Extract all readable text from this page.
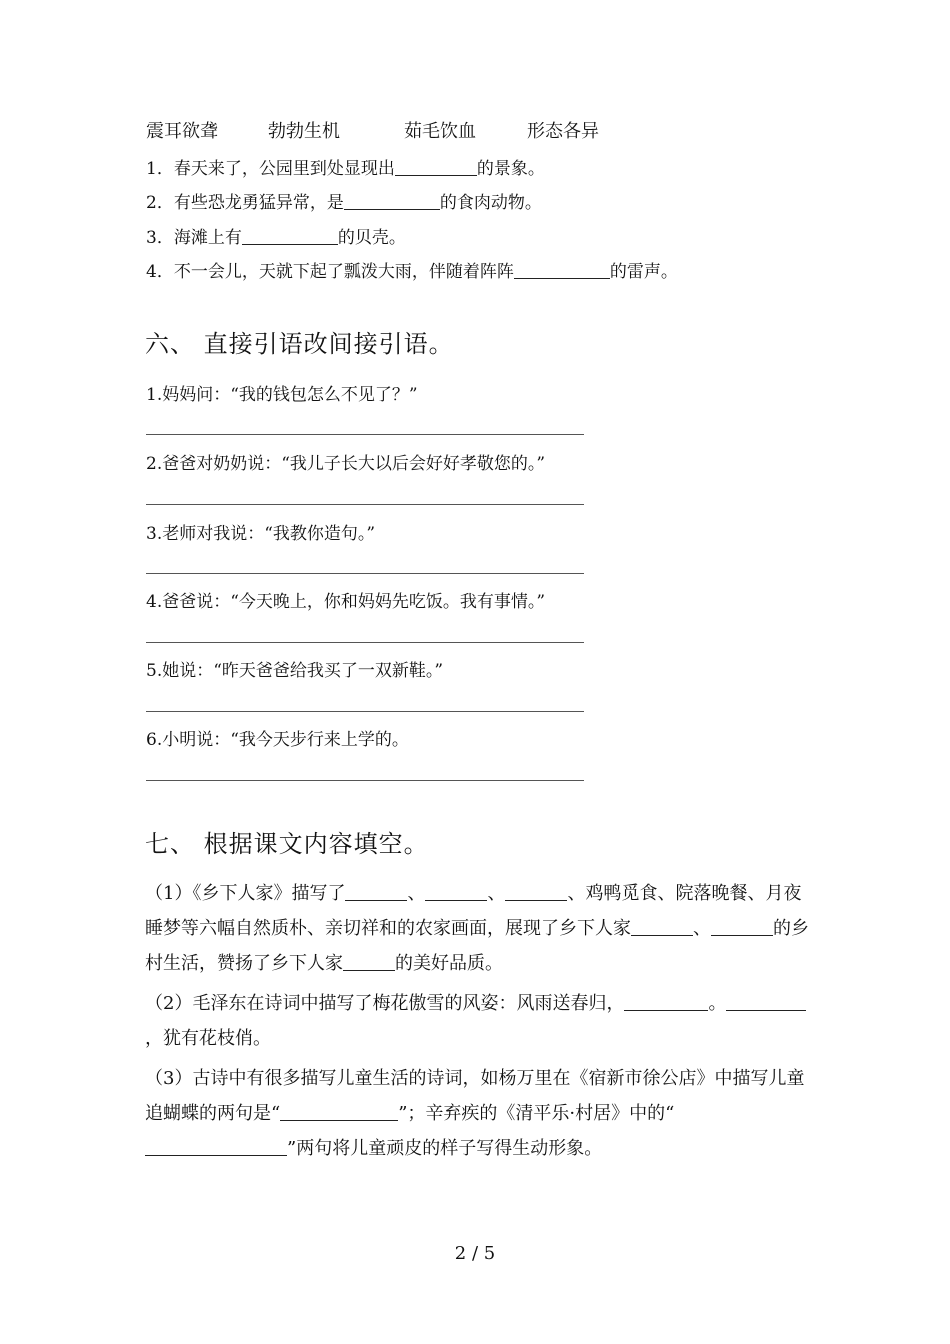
震耳欲聋	勃勃生机	茹毛饮血	形态各异
1．春天来了，公园里到处显现出	的景象。
2．有些恐龙勇猛异常，是	的食肉动物。
3．海滩上有	的贝壳。
4．不一会儿，天就下起了瓢泼大雨，伴随着阵阵	的雷声。
六、 直接引语改间接引语。
1.妈妈问：“我的钱包怎么不见了？”
2.爸爸对奶奶说：“我儿子长大以后会好好孝敬您的。”
3.老师对我说：“我教你造句。”
4.爸爸说：“今天晚上，你和妈妈先吃饭。我有事情。”
5.她说：“昨天爸爸给我买了一双新鞋。”
6.小明说：“我今天步行来上学的。
七、 根据课文内容填空。
（1）《乡下人家》描写了	、	、	、鸡鸭觅食、院落晚餐、月夜睡梦等六幅自然质朴、亲切祥和的农家画面，展现了乡下人家	、	的乡村生活，赞扬了乡下人家	的美好品质。
（2）毛泽东在诗词中描写了梅花傲雪的风姿：风雨送春归，	。，犹有花枝俏。
（3）古诗中有很多描写儿童生活的诗词，如杨万里在《宿新市徐公店》中描写儿童追蝴蝶的两句是“	”；辛弃疾的《清平乐·村居》中的“”两句将儿童顽皮的样子写得生动形象。
2 / 5
